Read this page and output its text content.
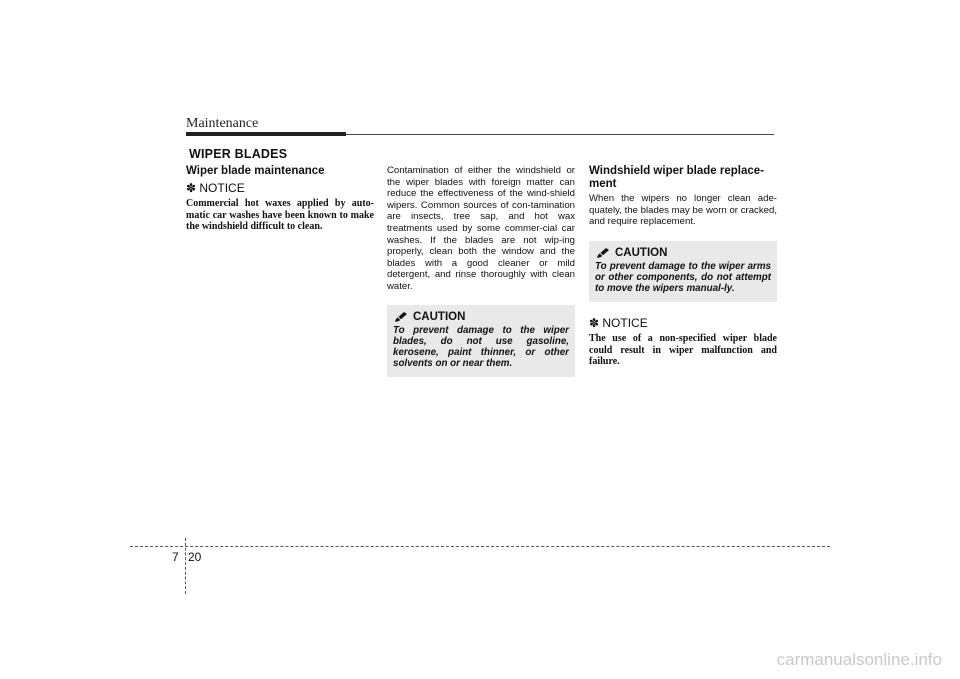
Maintenance
WIPER BLADES
Wiper blade maintenance
✽ NOTICE

Commercial hot waxes applied by auto-matic car washes have been known to make the windshield difficult to clean.

Contamination of either the windshield or the wiper blades with foreign matter can reduce the effectiveness of the wind-shield wipers. Common sources of con-tamination are insects, tree sap, and hot wax treatments used by some commer-cial car washes. If the blades are not wip-ing properly, clean both the window and the blades with a good cleaner or mild detergent, and rinse thoroughly with clean water.

CAUTION

To prevent damage to the wiper blades, do not use gasoline, kerosene, paint thinner, or other solvents on or near them.

Windshield wiper blade replace-ment

When the wipers no longer clean ade-quately, the blades may be worn or cracked, and require replacement.

CAUTION

To prevent damage to the wiper arms or other components, do not attempt to move the wipers manual-ly.

✽ NOTICE

The use of a non-specified wiper blade could result in wiper malfunction and failure.

7 20
carmanualsonline.info
